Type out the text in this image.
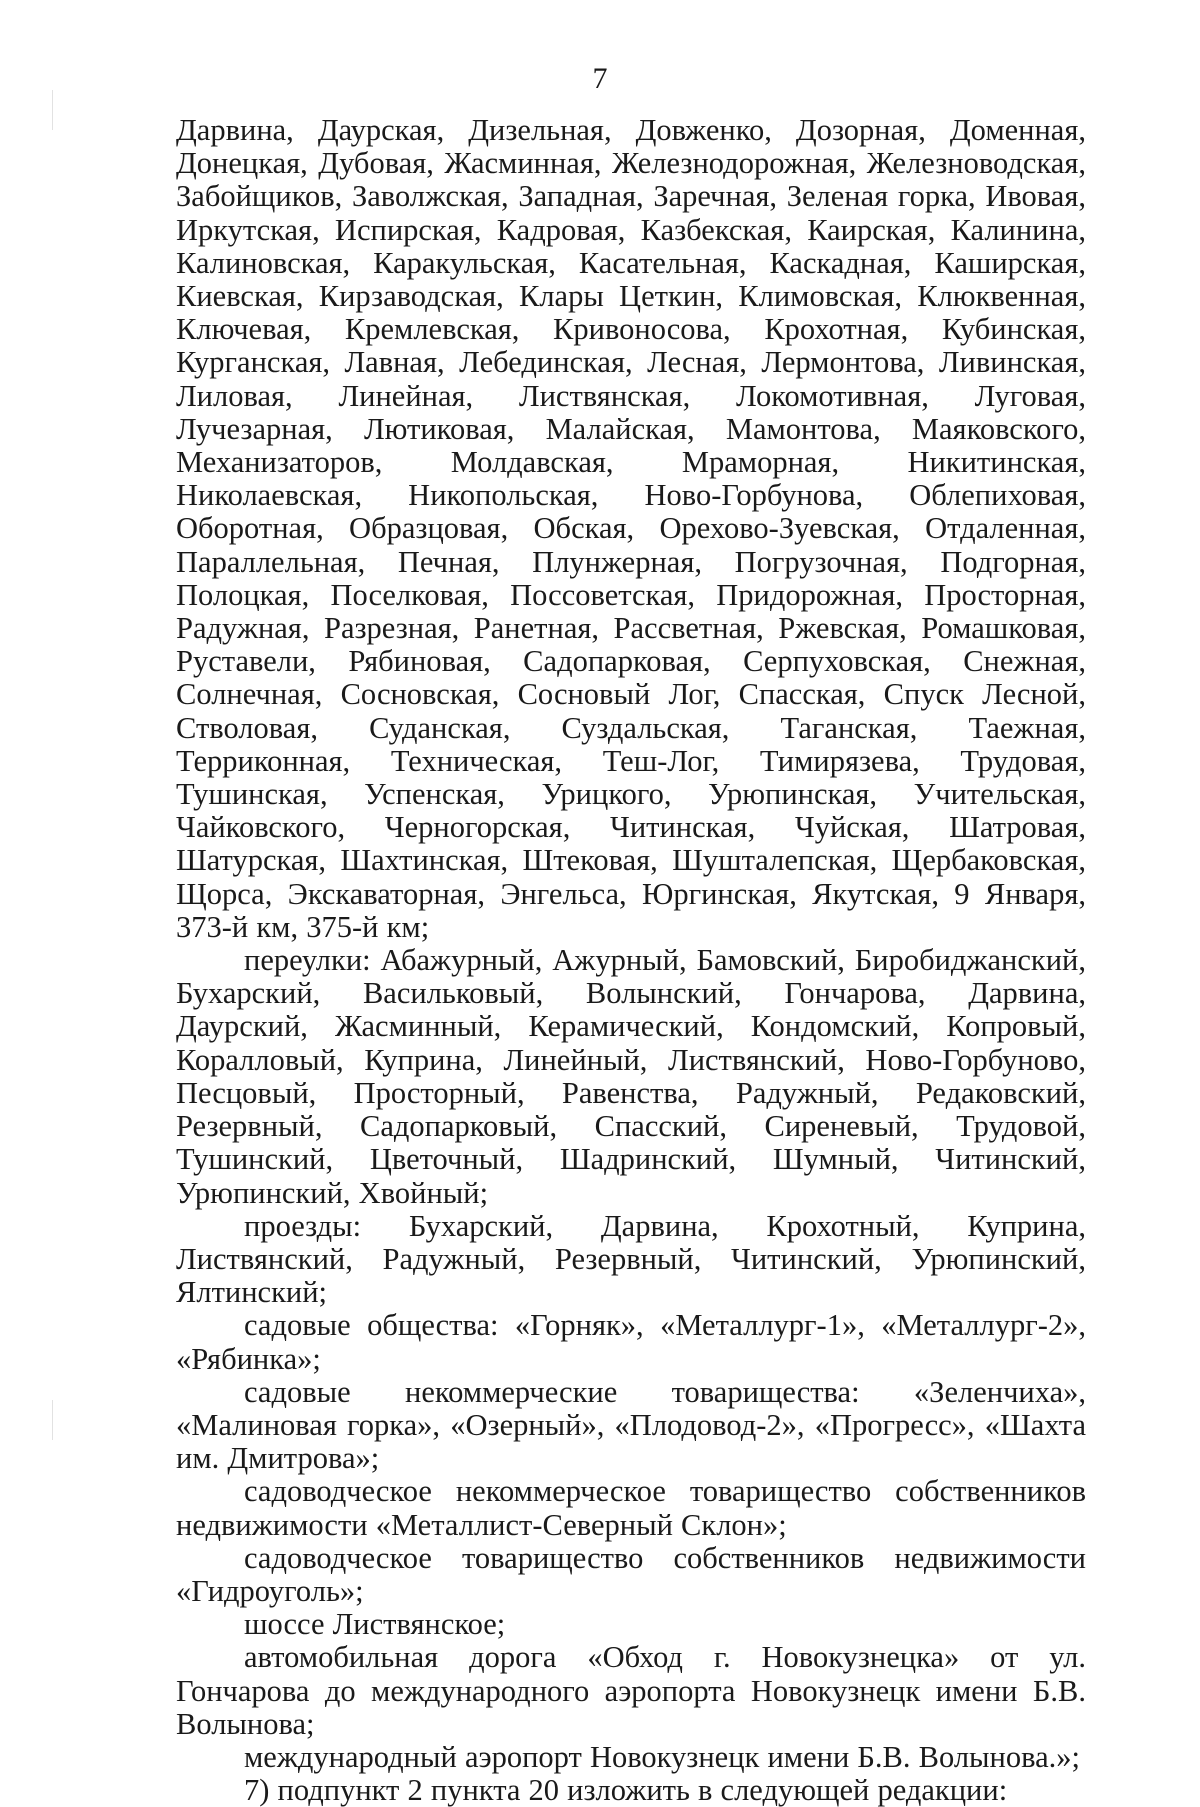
7

Дарвина, Даурская, Дизельная, Довженко, Дозорная, Доменная, Донецкая, Дубовая, Жасминная, Железнодорожная, Железноводская, Забойщиков, Заволжская, Западная, Заречная, Зеленая горка, Ивовая, Иркутская, Испирская, Кадровая, Казбекская, Каирская, Калинина, Калиновская, Каракульская, Касательная, Каскадная, Каширская, Киевская, Кирзаводская, Клары Цеткин, Климовская, Клюквенная, Ключевая, Кремлевская, Кривоносова, Крохотная, Кубинская, Курганская, Лавная, Лебединская, Лесная, Лермонтова, Ливинская, Лиловая, Линейная, Листвянская, Локомотивная, Луговая, Лучезарная, Лютиковая, Малайская, Мамонтова, Маяковского, Механизаторов, Молдавская, Мраморная, Никитинская, Николаевская, Никопольская, Ново-Горбунова, Облепиховая, Оборотная, Образцовая, Обская, Орехово-Зуевская, Отдаленная, Параллельная, Печная, Плунжерная, Погрузочная, Подгорная, Полоцкая, Поселковая, Поссоветская, Придорожная, Просторная, Радужная, Разрезная, Ранетная, Рассветная, Ржевская, Ромашковая, Руставели, Рябиновая, Садопарковая, Серпуховская, Снежная, Солнечная, Сосновская, Сосновый Лог, Спасская, Спуск Лесной, Стволовая, Суданская, Суздальская, Таганская, Таежная, Терриконная, Техническая, Теш-Лог, Тимирязева, Трудовая, Тушинская, Успенская, Урицкого, Урюпинская, Учительская, Чайковского, Черногорская, Читинская, Чуйская, Шатровая, Шатурская, Шахтинская, Штековая, Шушталепская, Щербаковская, Щорса, Экскаваторная, Энгельса, Юргинская, Якутская, 9 Января, 373-й км, 375-й км;

переулки: Абажурный, Ажурный, Бамовский, Биробиджанский, Бухарский, Васильковый, Волынский, Гончарова, Дарвина, Даурский, Жасминный, Керамический, Кондомский, Копровый, Коралловый, Куприна, Линейный, Листвянский, Ново-Горбуново, Песцовый, Просторный, Равенства, Радужный, Редаковский, Резервный, Садопарковый, Спасский, Сиреневый, Трудовой, Тушинский, Цветочный, Шадринский, Шумный, Читинский, Урюпинский, Хвойный;

проезды: Бухарский, Дарвина, Крохотный, Куприна, Листвянский, Радужный, Резервный, Читинский, Урюпинский, Ялтинский;

садовые общества: «Горняк», «Металлург-1», «Металлург-2», «Рябинка»;

садовые некоммерческие товарищества: «Зеленчиха», «Малиновая горка», «Озерный», «Плодовод-2», «Прогресс», «Шахта им. Дмитрова»;

садоводческое некоммерческое товарищество собственников недвижимости «Металлист-Северный Склон»;

садоводческое товарищество собственников недвижимости «Гидроуголь»;

шоссе Листвянское;

автомобильная дорога «Обход г. Новокузнецка» от ул. Гончарова до международного аэропорта Новокузнецк имени Б.В. Волынова;

международный аэропорт Новокузнецк имени Б.В. Волынова.»;

7) подпункт 2 пункта 20 изложить в следующей редакции:
